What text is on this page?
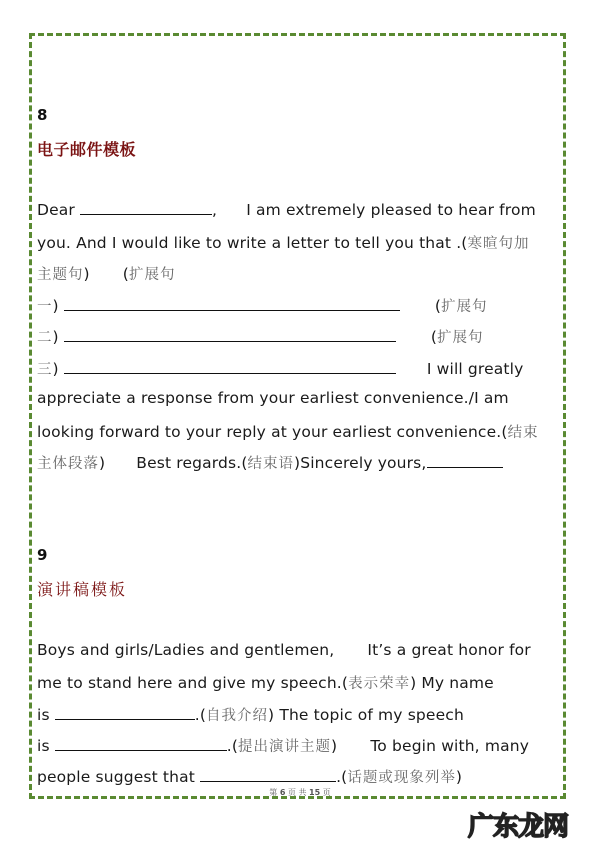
8
电子邮件模板
Dear	, I am extremely pleased to hear from
you. And I would like to write a letter to tell you that .(寒暄句加
主题句) (扩展句
一)	(扩展句
二)	(扩展句
三)	I will greatly
appreciate a response from your earliest convenience./I am
looking forward to your reply at your earliest convenience.(结束
主体段落) Best regards.(结束语)Sincerely yours,
9
演讲稿模板
Boys and girls/Ladies and gentlemen, It’s a great honor for
me to stand here and give my speech.(表示荣幸) My name
is	.(自我介绍) The topic of my speech
is	.(提出演讲主题) To begin with, many
people suggest that	.(话题或现象列举)
第 6 页 共 15 页
广东龙网
